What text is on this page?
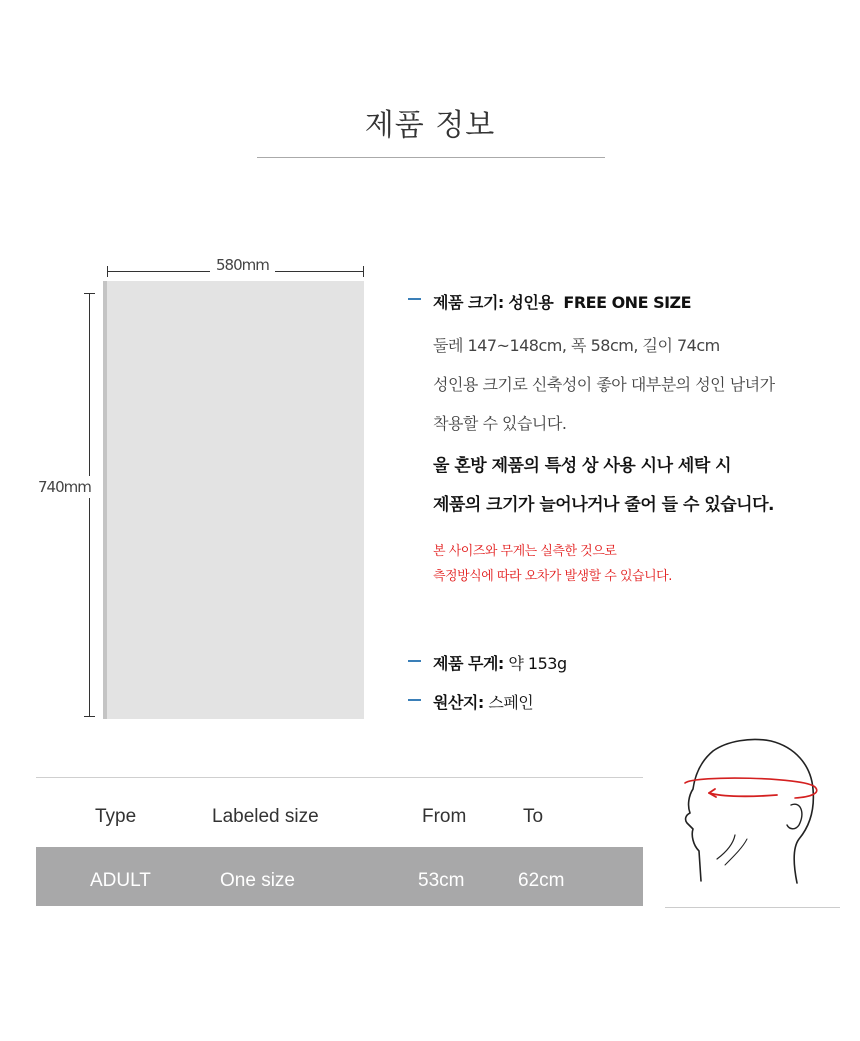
제품 정보
580mm
740mm
제품 크기: 성인용  FREE ONE SIZE
둘레 147~148cm, 폭 58cm, 길이 74cm
성인용 크기로 신축성이 좋아 대부분의 성인 남녀가
착용할 수 있습니다.
울 혼방 제품의 특성 상 사용 시나 세탁 시
제품의 크기가 늘어나거나 줄어 들 수 있습니다.
본 사이즈와 무게는 실측한 것으로
측정방식에 따라 오차가 발생할 수 있습니다.
제품 무게: 약 153g
원산지: 스페인
Type	Labeled size	From	To
ADULT	One size	53cm	62cm
